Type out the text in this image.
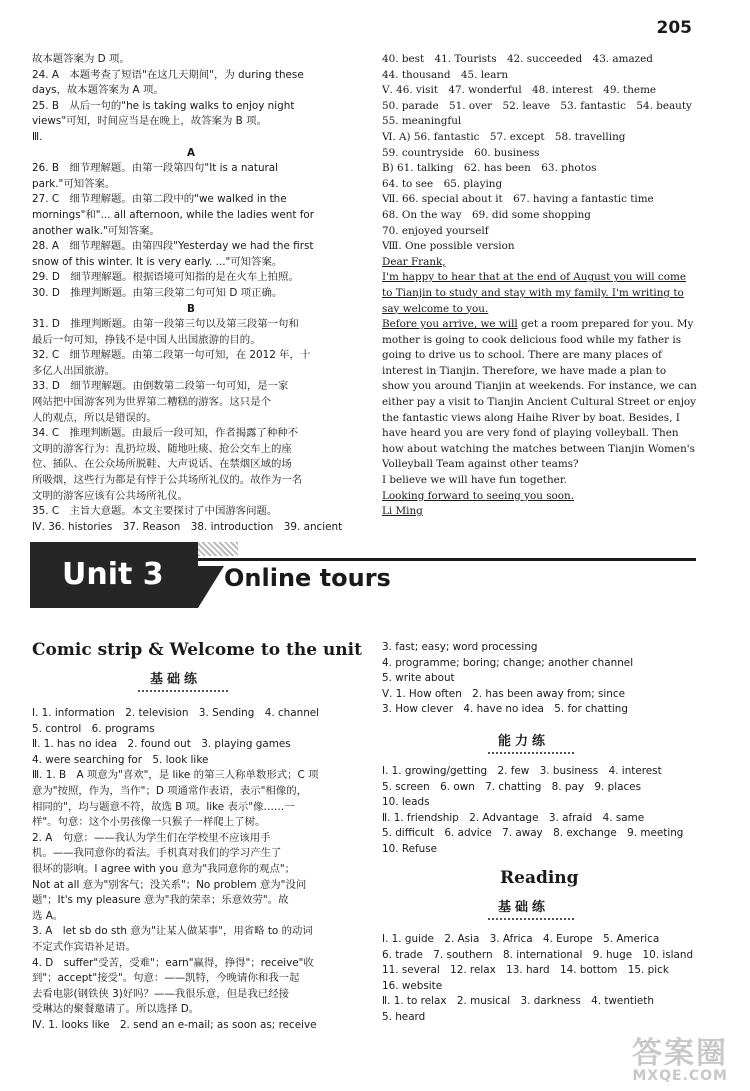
205
故本题答案为 D 项。
24. A　本题考查了短语"在这几天期间"，为 during these
days，故本题答案为 A 项。
25. B　从后一句的"he is taking walks to enjoy night
views"可知，时间应当是在晚上，故答案为 B 项。
Ⅲ.
A
26. B　细节理解题。由第一段第四句"It is a natural
park."可知答案。
27. C　细节理解题。由第二段中的"we walked in the
mornings"和"... all afternoon, while the ladies went for
another walk."可知答案。
28. A　细节理解题。由第四段"Yesterday we had the first
snow of this winter. It is very early. ..."可知答案。
29. D　细节理解题。根据语境可知指的是在火车上拍照。
30. D　推理判断题。由第三段第二句可知 D 项正确。
B
31. D　推理判断题。由第一段第三句以及第三段第一句和
最后一句可知，挣钱不是中国人出国旅游的目的。
32. C　细节理解题。由第二段第一句可知，在 2012 年，十
多亿人出国旅游。
33. D　细节理解题。由倒数第二段第一句可知，是一家
网站把中国游客列为世界第二糟糕的游客。这只是个
人的观点，所以是错误的。
34. C　推理判断题。由最后一段可知，作者揭露了种种不
文明的游客行为：乱扔垃圾、随地吐痰、抢公交车上的座
位、插队、在公众场所脱鞋、大声说话、在禁烟区域的场
所吸烟，这些行为都是有悖于公共场所礼仪的。故作为一名
文明的游客应该有公共场所礼仪。
35. C　主旨大意题。本文主要探讨了中国游客问题。
Ⅳ. 36. histories　37. Reason　38. introduction　39. ancient
40. best　41. Tourists　42. succeeded　43. amazed
44. thousand　45. learn
Ⅴ. 46. visit　47. wonderful　48. interest　49. theme
50. parade　51. over　52. leave　53. fantastic　54. beauty
55. meaningful
Ⅵ. A) 56. fantastic　57. except　58. travelling
59. countryside　60. business
B) 61. talking　62. has been　63. photos
64. to see　65. playing
Ⅶ. 66. special about it　67. having a fantastic time
68. On the way　69. did some shopping
70. enjoyed yourself
Ⅷ. One possible version
Dear Frank,
I'm happy to hear that at the end of August you will come
to Tianjin to study and stay with my family. I'm writing to
say welcome to you.
Before you arrive, we will get a room prepared for you. My
mother is going to cook delicious food while my father is
going to drive us to school. There are many places of
interest in Tianjin. Therefore, we have made a plan to
show you around Tianjin at weekends. For instance, we can
either pay a visit to Tianjin Ancient Cultural Street or enjoy
the fantastic views along Haihe River by boat. Besides, I
have heard you are very fond of playing volleyball. Then
how about watching the matches between Tianjin Women's
Volleyball Team against other teams?
I believe we will have fun together.
Looking forward to seeing you soon.
Li Ming
Unit 3	Online tours
Comic strip & Welcome to the unit
基础练
Ⅰ. 1. information　2. television　3. Sending　4. channel
5. control　6. programs
Ⅱ. 1. has no idea　2. found out　3. playing games
4. were searching for　5. look like
Ⅲ. 1. B　A 项意为"喜欢"，是 like 的第三人称单数形式；C 项
意为"按照，作为，当作"；D 项通常作表语，表示"相像的，
相同的"，均与题意不符，故选 B 项。like 表示"像……一
样"。句意：这个小男孩像一只猴子一样爬上了树。
2. A　句意：——我认为学生们在学校里不应该用手
机。——我同意你的看法。手机真对我们的学习产生了
很坏的影响。I agree with you 意为"我同意你的观点"；
Not at all 意为"别客气；没关系"；No problem 意为"没问
题"；It's my pleasure 意为"我的荣幸；乐意效劳"。故
选 A。
3. A　let sb do sth 意为"让某人做某事"，用省略 to 的动词
不定式作宾语补足语。
4. D　suffer"受苦，受难"；earn"赢得，挣得"；receive"收
到"；accept"接受"。句意：——凯特，今晚请你和我一起
去看电影(钢铁侠 3)好吗？——我很乐意，但是我已经接
受琳达的聚餐邀请了。所以选择 D。
Ⅳ. 1. looks like　2. send an e-mail; as soon as; receive
3. fast; easy; word processing
4. programme; boring; change; another channel
5. write about
Ⅴ. 1. How often　2. has been away from; since
3. How clever　4. have no idea　5. for chatting
能力练
Ⅰ. 1. growing/getting　2. few　3. business　4. interest
5. screen　6. own　7. chatting　8. pay　9. places
10. leads
Ⅱ. 1. friendship　2. Advantage　3. afraid　4. same
5. difficult　6. advice　7. away　8. exchange　9. meeting
10. Refuse
Reading
基础练
Ⅰ. 1. guide　2. Asia　3. Africa　4. Europe　5. America
6. trade　7. southern　8. international　9. huge　10. island
11. several　12. relax　13. hard　14. bottom　15. pick
16. website
Ⅱ. 1. to relax　2. musical　3. darkness　4. twentieth
5. heard
答案圈
MXQE.COM
